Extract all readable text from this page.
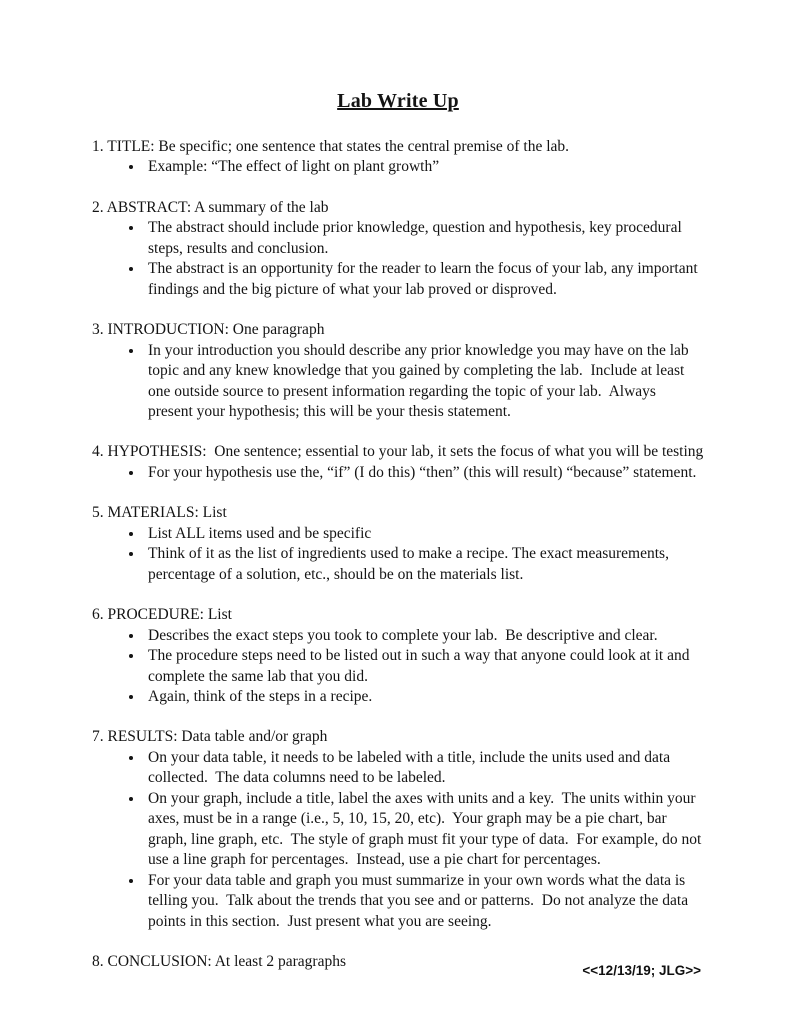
Lab Write Up
1. TITLE: Be specific; one sentence that states the central premise of the lab.
• Example: “The effect of light on plant growth”
2. ABSTRACT: A summary of the lab
• The abstract should include prior knowledge, question and hypothesis, key procedural steps, results and conclusion.
• The abstract is an opportunity for the reader to learn the focus of your lab, any important findings and the big picture of what your lab proved or disproved.
3. INTRODUCTION: One paragraph
• In your introduction you should describe any prior knowledge you may have on the lab topic and any knew knowledge that you gained by completing the lab.  Include at least one outside source to present information regarding the topic of your lab.  Always present your hypothesis; this will be your thesis statement.
4. HYPOTHESIS:  One sentence; essential to your lab, it sets the focus of what you will be testing
• For your hypothesis use the, “if” (I do this) “then” (this will result) “because” statement.
5. MATERIALS: List
• List ALL items used and be specific
• Think of it as the list of ingredients used to make a recipe. The exact measurements, percentage of a solution, etc., should be on the materials list.
6. PROCEDURE: List
• Describes the exact steps you took to complete your lab.  Be descriptive and clear.
• The procedure steps need to be listed out in such a way that anyone could look at it and complete the same lab that you did.
• Again, think of the steps in a recipe.
7. RESULTS: Data table and/or graph
• On your data table, it needs to be labeled with a title, include the units used and data collected.  The data columns need to be labeled.
• On your graph, include a title, label the axes with units and a key.  The units within your axes, must be in a range (i.e., 5, 10, 15, 20, etc).  Your graph may be a pie chart, bar graph, line graph, etc.  The style of graph must fit your type of data.  For example, do not use a line graph for percentages.  Instead, use a pie chart for percentages.
• For your data table and graph you must summarize in your own words what the data is telling you.  Talk about the trends that you see and or patterns.  Do not analyze the data points in this section.  Just present what you are seeing.
8. CONCLUSION: At least 2 paragraphs
<<12/13/19; JLG>>
